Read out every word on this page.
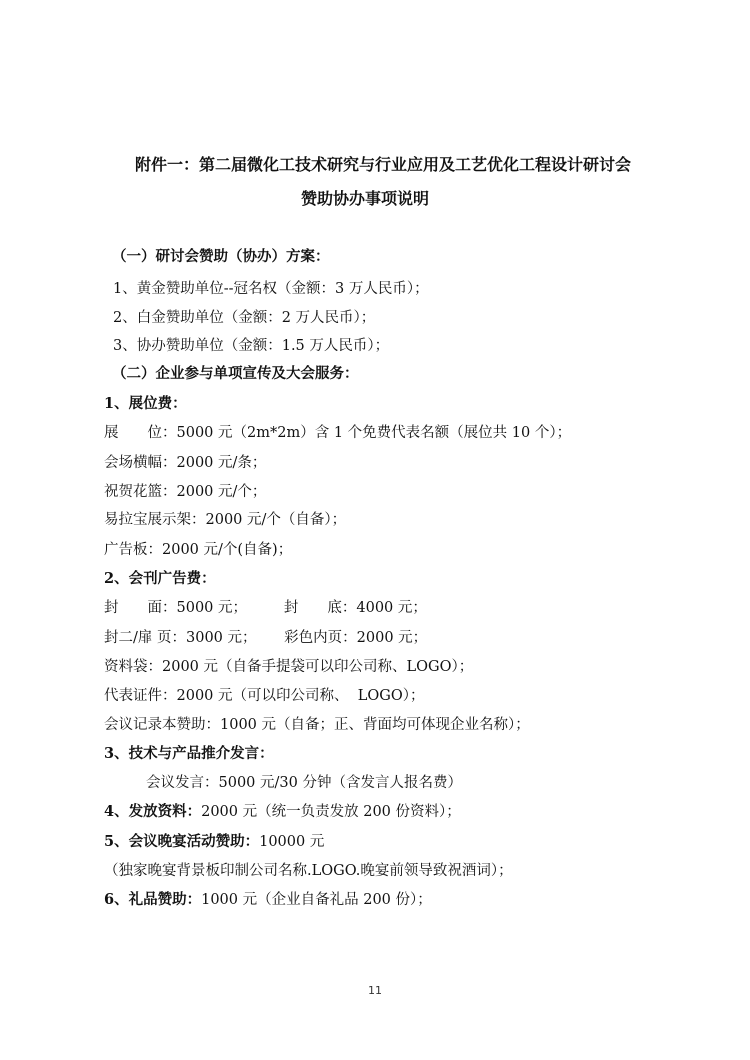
附件一：第二届微化工技术研究与行业应用及工艺优化工程设计研讨会
赞助协办事项说明
（一）研讨会赞助（协办）方案：
1、黄金赞助单位--冠名权（金额：3 万人民币）；
2、白金赞助单位（金额：2 万人民币）；
3、协办赞助单位（金额：1.5 万人民币）；
（二）企业参与单项宣传及大会服务：
1、展位费：
展　　位：5000 元（2m*2m）含 1 个免费代表名额（展位共 10 个）；
会场横幅：2000 元/条；
祝贺花篮：2000 元/个；
易拉宝展示架：2000 元/个（自备）；
广告板：2000 元/个(自备)；
2、会刊广告费：
封　　面：5000 元；        封　　底：4000 元；
封二/扉 页：3000 元；      彩色内页：2000 元；
资料袋：2000 元（自备手提袋可以印公司称、LOGO）；
代表证件：2000 元（可以印公司称、  LOGO）；
会议记录本赞助：1000 元（自备；正、背面均可体现企业名称）；
3、技术与产品推介发言：
会议发言：5000 元/30 分钟（含发言人报名费）
4、发放资料：2000 元（统一负责发放 200 份资料）；
5、会议晚宴活动赞助：10000 元
（独家晚宴背景板印制公司名称.LOGO.晚宴前领导致祝酒词）；
6、礼品赞助：1000 元（企业自备礼品 200 份）；
11
